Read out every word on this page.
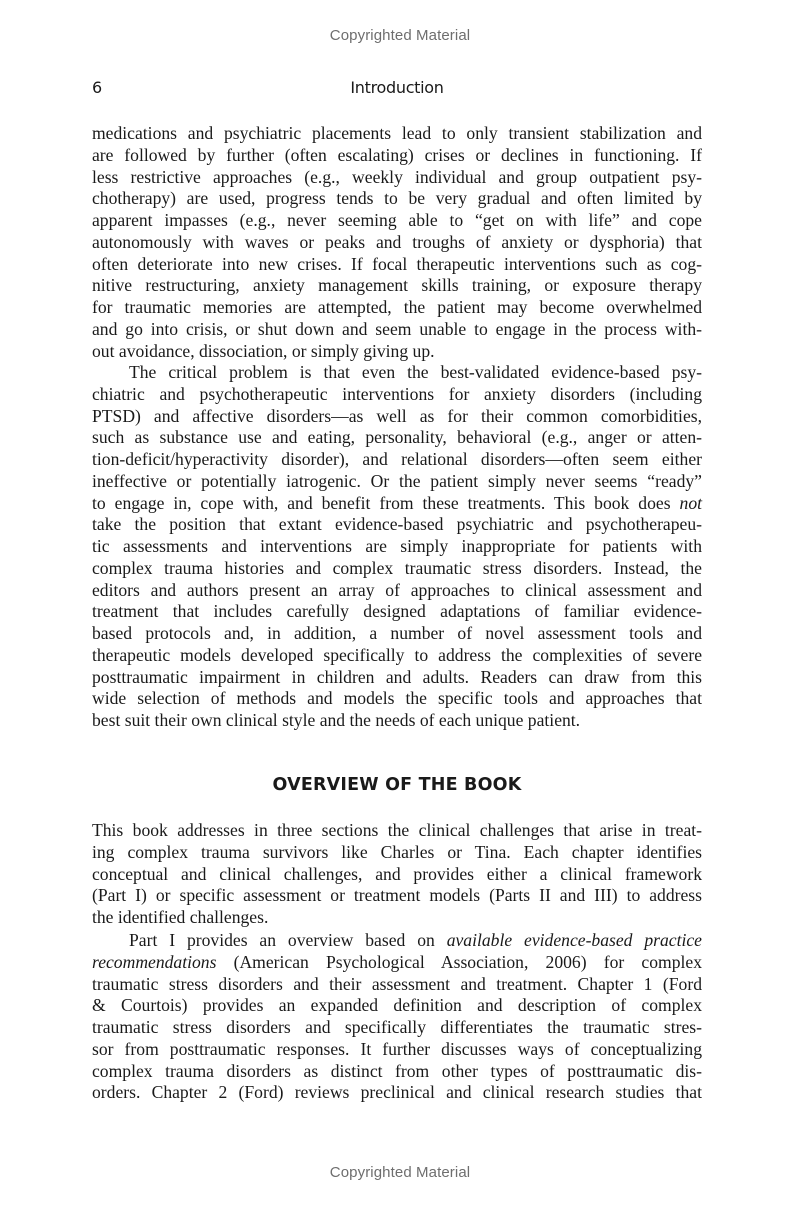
Copyrighted Material
6	Introduction
medications and psychiatric placements lead to only transient stabilization and
are followed by further (often escalating) crises or declines in functioning. If
less restrictive approaches (e.g., weekly individual and group outpatient psy-
chotherapy) are used, progress tends to be very gradual and often limited by
apparent impasses (e.g., never seeming able to “get on with life” and cope
autonomously with waves or peaks and troughs of anxiety or dysphoria) that
often deteriorate into new crises. If focal therapeutic interventions such as cog-
nitive restructuring, anxiety management skills training, or exposure therapy
for traumatic memories are attempted, the patient may become overwhelmed
and go into crisis, or shut down and seem unable to engage in the process with-
out avoidance, dissociation, or simply giving up.
The critical problem is that even the best-validated evidence-based psy-
chiatric and psychotherapeutic interventions for anxiety disorders (including
PTSD) and affective disorders—as well as for their common comorbidities,
such as substance use and eating, personality, behavioral (e.g., anger or atten-
tion-deficit/hyperactivity disorder), and relational disorders—often seem either
ineffective or potentially iatrogenic. Or the patient simply never seems “ready”
to engage in, cope with, and benefit from these treatments. This book does not
take the position that extant evidence-based psychiatric and psychotherapeu-
tic assessments and interventions are simply inappropriate for patients with
complex trauma histories and complex traumatic stress disorders. Instead, the
editors and authors present an array of approaches to clinical assessment and
treatment that includes carefully designed adaptations of familiar evidence-
based protocols and, in addition, a number of novel assessment tools and
therapeutic models developed specifically to address the complexities of severe
posttraumatic impairment in children and adults. Readers can draw from this
wide selection of methods and models the specific tools and approaches that
best suit their own clinical style and the needs of each unique patient.
OVERVIEW OF THE BOOK
This book addresses in three sections the clinical challenges that arise in treat-
ing complex trauma survivors like Charles or Tina. Each chapter identifies
conceptual and clinical challenges, and provides either a clinical framework
(Part I) or specific assessment or treatment models (Parts II and III) to address
the identified challenges.
Part I provides an overview based on available evidence-based practice
recommendations (American Psychological Association, 2006) for complex
traumatic stress disorders and their assessment and treatment. Chapter 1 (Ford
& Courtois) provides an expanded definition and description of complex
traumatic stress disorders and specifically differentiates the traumatic stres-
sor from posttraumatic responses. It further discusses ways of conceptualizing
complex trauma disorders as distinct from other types of posttraumatic dis-
orders. Chapter 2 (Ford) reviews preclinical and clinical research studies that
Copyrighted Material
